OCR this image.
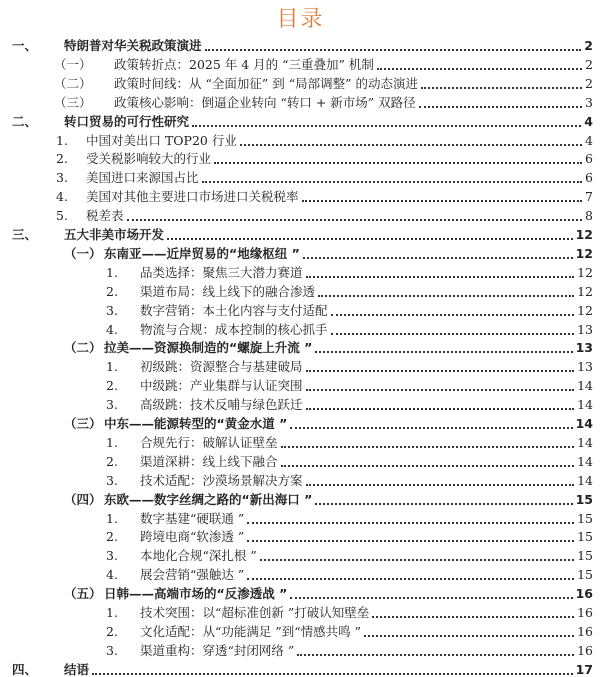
目录
一、	特朗普对华关税政策演进	2
（一）	政策转折点：2025 年 4 月的 “三重叠加” 机制	2
（二）	政策时间线：从 “全面加征” 到 “局部调整” 的动态演进	2
（三）	政策核心影响：倒逼企业转向 “转口 + 新市场” 双路径	3
二、	转口贸易的可行性研究	4
1.	中国对美出口 TOP20 行业	4
2.	受关税影响较大的行业	6
3.	美国进口来源国占比	6
4.	美国对其他主要进口市场进口关税税率	7
5.	税差表	8
三、	五大非美市场开发	12
（一） 东南亚——近岸贸易的“地缘枢纽 ”	12
1.	品类选择：聚焦三大潜力赛道	12
2.	渠道布局：线上线下的融合渗透	12
3.	数字营销：本土化内容与支付适配	12
4.	物流与合规：成本控制的核心抓手	13
（二） 拉美——资源换制造的“螺旋上升流 ”	13
1.	初级跳：资源整合与基建破局	13
2.	中级跳：产业集群与认证突围	14
3.	高级跳：技术反哺与绿色跃迁	14
（三） 中东——能源转型的“黄金水道 ”	14
1.	合规先行：破解认证壁垒	14
2.	渠道深耕：线上线下融合	14
3.	技术适配：沙漠场景解决方案	14
（四） 东欧——数字丝绸之路的“新出海口 ”	15
1.	数字基建“硬联通 ”	15
2.	跨境电商“软渗透 ”	15
3.	本地化合规“深扎根 ”	15
4.	展会营销“强触达 ”	15
（五） 日韩——高端市场的“反渗透战 ”	16
1.	技术突围：以“超标准创新 ”打破认知壁垒	16
2.	文化适配：从“功能满足 ”到“情感共鸣 ”	16
3.	渠道重构：穿透“封闭网络 ”	16
四、	结语	17
